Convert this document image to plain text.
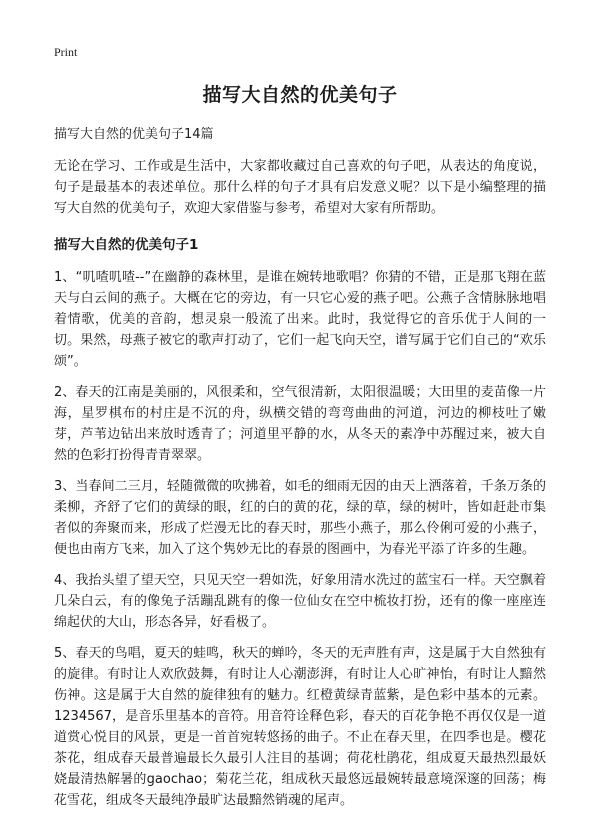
Print

描写大自然的优美句子

描写大自然的优美句子14篇

无论在学习、工作或是生活中，大家都收藏过自己喜欢的句子吧，从表达的角度说，句子是最基本的表述单位。那什么样的句子才具有启发意义呢？以下是小编整理的描写大自然的优美句子，欢迎大家借鉴与参考，希望对大家有所帮助。

描写大自然的优美句子1

1、“叽喳叽喳--”在幽静的森林里，是谁在婉转地歌唱？你猜的不错，正是那飞翔在蓝天与白云间的燕子。大概在它的旁边，有一只它心爱的燕子吧。公燕子含情脉脉地唱着情歌，优美的音韵，想灵泉一般流了出来。此时，我觉得它的音乐优于人间的一切。果然，母燕子被它的歌声打动了，它们一起飞向天空，谱写属于它们自己的“欢乐颂”。

2、春天的江南是美丽的，风很柔和，空气很清新，太阳很温暖；大田里的麦苗像一片海，星罗棋布的村庄是不沉的舟，纵横交错的弯弯曲曲的河道，河边的柳枝吐了嫩芽，芦苇边钻出来放时透青了；河道里平静的水，从冬天的素净中苏醒过来，被大自然的色彩打扮得青青翠翠。

3、当春间二三月，轻随微微的吹拂着，如毛的细雨无因的由天上洒落着，千条万条的柔柳，齐舒了它们的黄绿的眼，红的白的黄的花，绿的草，绿的树叶，皆如赶赴市集者似的奔聚而来，形成了烂漫无比的春天时，那些小燕子，那么伶俐可爱的小燕子，便也由南方飞来，加入了这个隽妙无比的春景的图画中，为春光平添了许多的生趣。

4、我抬头望了望天空，只见天空一碧如洗，好象用清水洗过的蓝宝石一样。天空飘着几朵白云，有的像兔子活蹦乱跳有的像一位仙女在空中梳妆打扮，还有的像一座座连绵起伏的大山，形态各异，好看极了。

5、春天的鸟唱，夏天的蛙鸣，秋天的蝉吟，冬天的无声胜有声，这是属于大自然独有的旋律。有时让人欢欣鼓舞，有时让人心潮澎湃，有时让人心旷神怡，有时让人黯然伤神。这是属于大自然的旋律独有的魅力。红橙黄绿青蓝紫，是色彩中基本的元素。1234567，是音乐里基本的音符。用音符诠释色彩，春天的百花争艳不再仅仅是一道道赏心悦目的风景，更是一首首宛转悠扬的曲子。不止在春天里，在四季也是。樱花茶花，组成春天最普遍最长久最引人注目的基调；荷花杜鹃花，组成夏天最热烈最妖娆最清热解暑的gaochao；菊花兰花，组成秋天最悠远最婉转最意境深邃的回荡；梅花雪花，组成冬天最纯净最旷达最黯然销魂的尾声。
